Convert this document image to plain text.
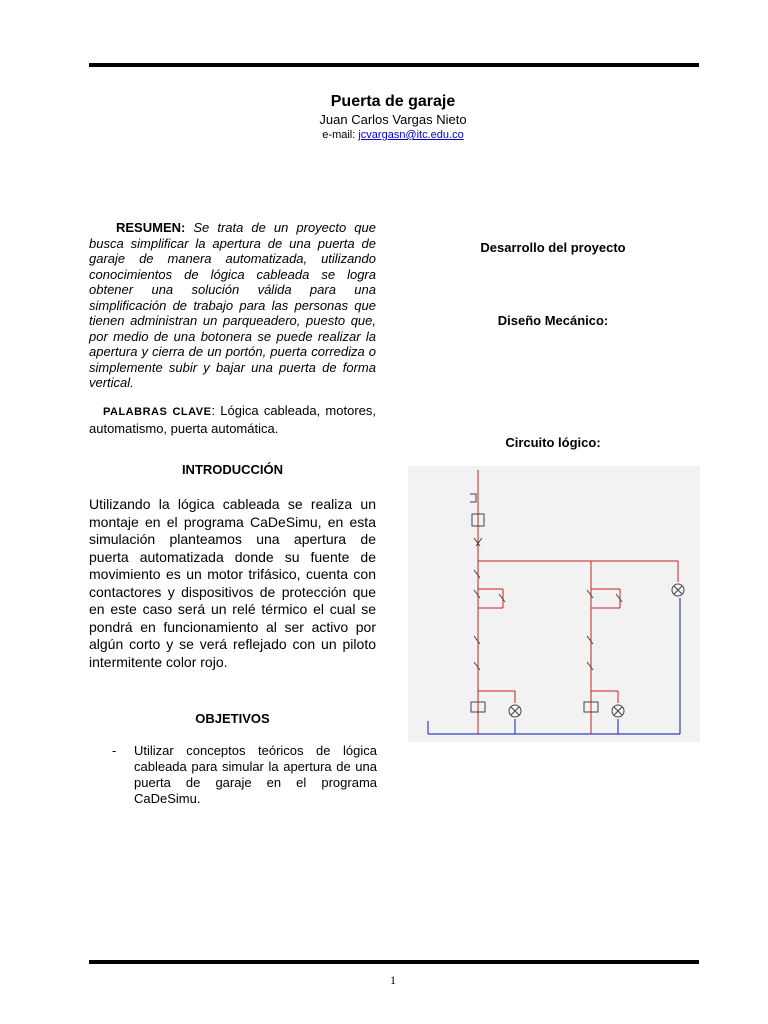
Puerta de garaje
Juan Carlos Vargas Nieto
e-mail: jcvargasn@itc.edu.co
RESUMEN: Se trata de un proyecto que busca simplificar la apertura de una puerta de garaje de manera automatizada, utilizando conocimientos de lógica cableada se logra obtener una solución válida para una simplificación de trabajo para las personas que tienen administran un parqueadero, puesto que, por medio de una botonera se puede realizar la apertura y cierra de un portón, puerta corrediza o simplemente subir y bajar una puerta de forma vertical.
PALABRAS CLAVE: Lógica cableada, motores, automatismo, puerta automática.
INTRODUCCIÓN
Utilizando la lógica cableada se realiza un montaje en el programa CaDeSimu, en esta simulación planteamos una apertura de puerta automatizada donde su fuente de movimiento es un motor trifásico, cuenta con contactores y dispositivos de protección que en este caso será un relé térmico el cual se pondrá en funcionamiento al ser activo por algún corto y se verá reflejado con un piloto intermitente color rojo.
OBJETIVOS
- Utilizar conceptos teóricos de lógica cableada para simular la apertura de una puerta de garaje en el programa CaDeSimu.
Desarrollo del proyecto
Diseño Mecánico:
Circuito lógico:
1
